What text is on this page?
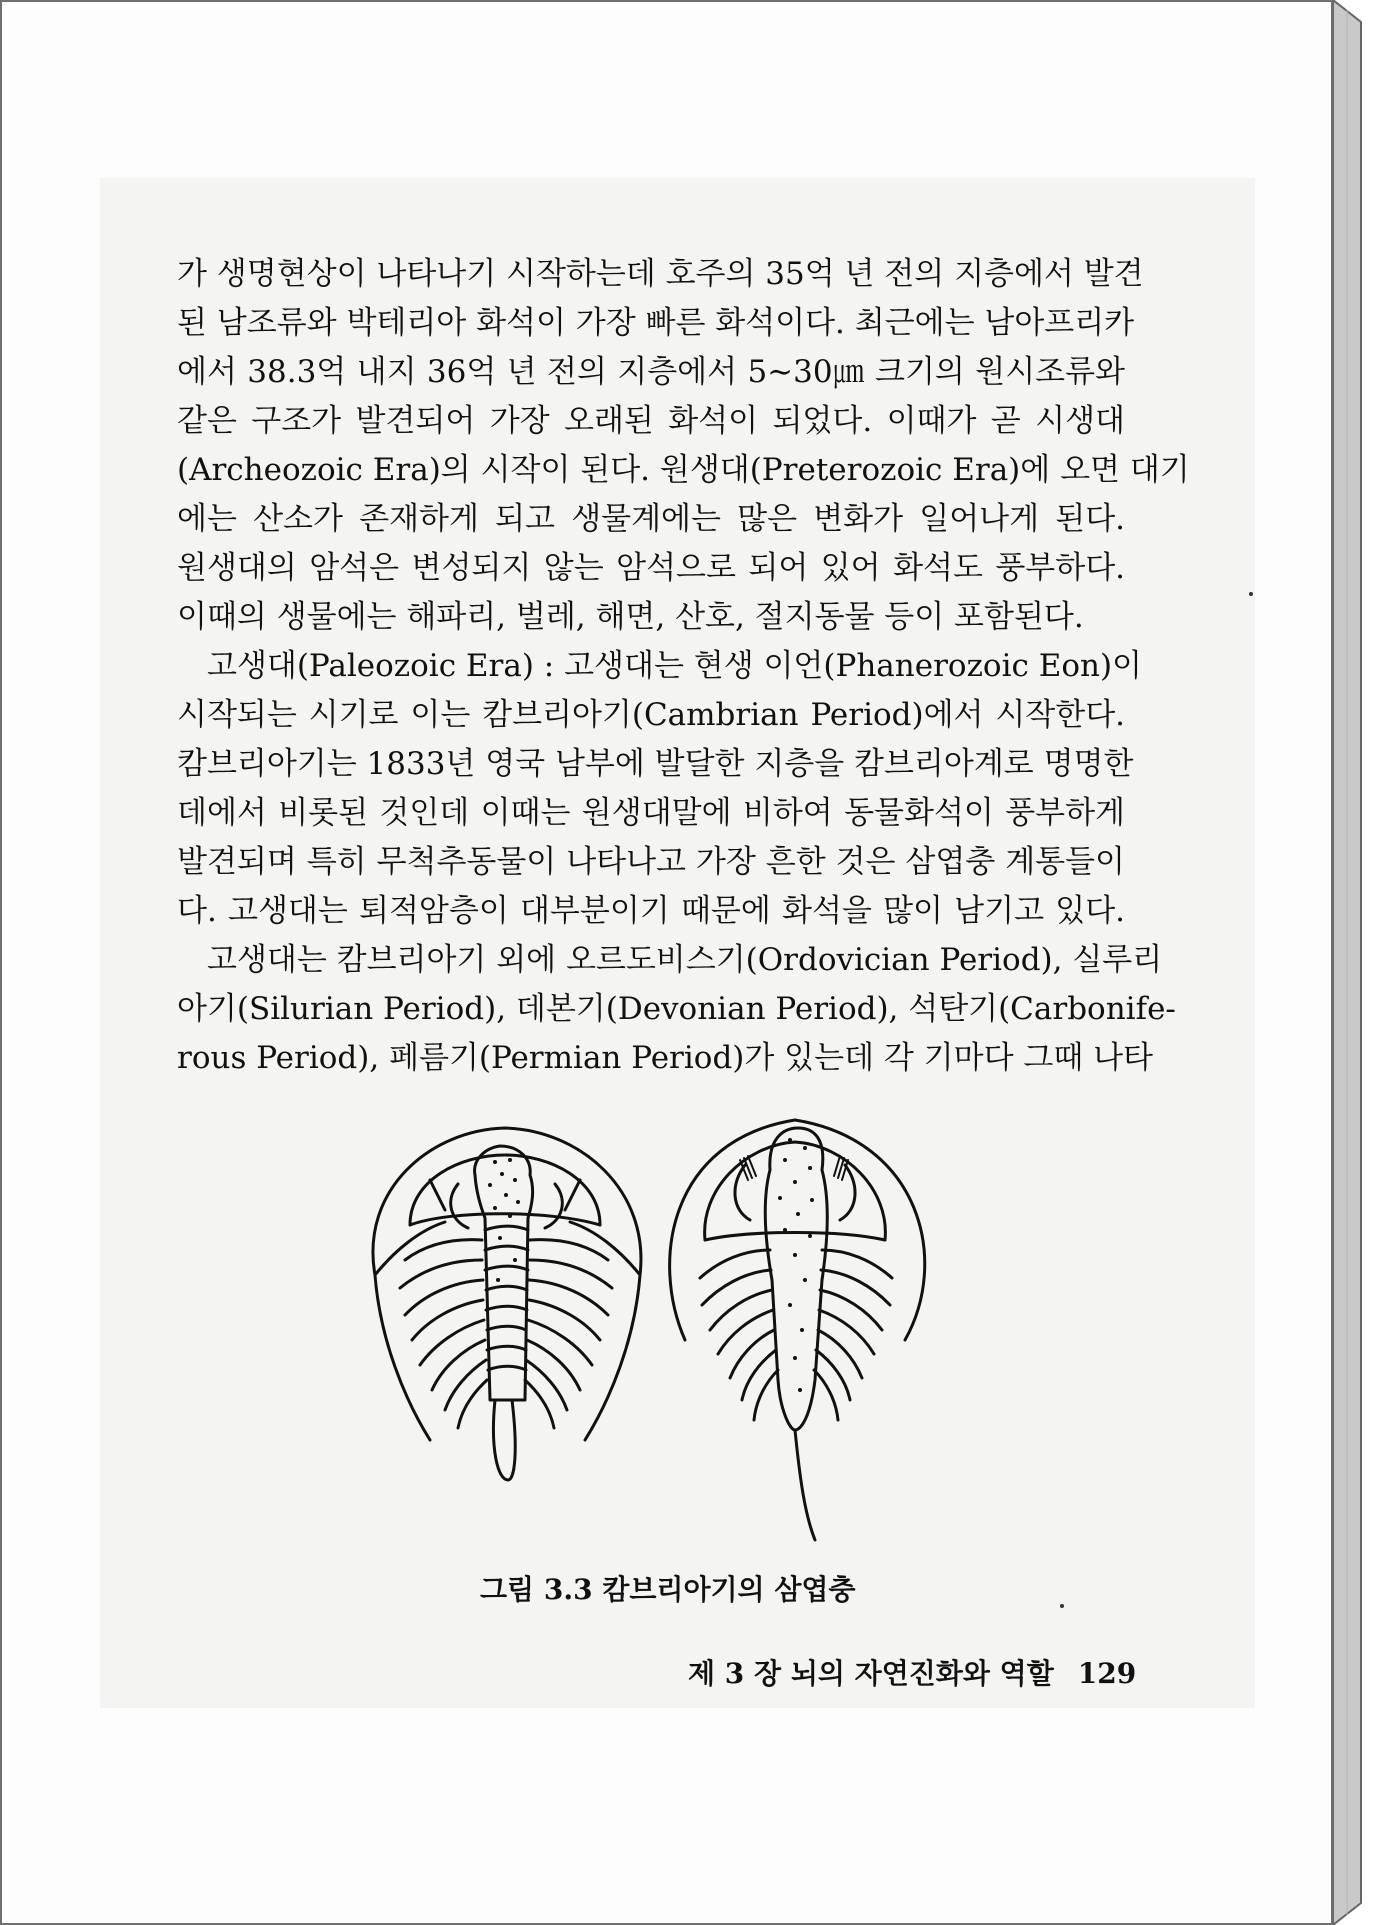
가 생명현상이 나타나기 시작하는데 호주의 35억 년 전의 지층에서 발견
된 남조류와 박테리아 화석이 가장 빠른 화석이다. 최근에는 남아프리카
에서 38.3억 내지 36억 년 전의 지층에서 5∼30㎛ 크기의 원시조류와
같은 구조가 발견되어 가장 오래된 화석이 되었다. 이때가 곧 시생대
(Archeozoic Era)의 시작이 된다. 원생대(Preterozoic Era)에 오면 대기
에는 산소가 존재하게 되고 생물계에는 많은 변화가 일어나게 된다.
원생대의 암석은 변성되지 않는 암석으로 되어 있어 화석도 풍부하다.
이때의 생물에는 해파리, 벌레, 해면, 산호, 절지동물 등이 포함된다.
고생대(Paleozoic Era) : 고생대는 현생 이언(Phanerozoic Eon)이
시작되는 시기로 이는 캄브리아기(Cambrian Period)에서 시작한다.
캄브리아기는 1833년 영국 남부에 발달한 지층을 캄브리아계로 명명한
데에서 비롯된 것인데 이때는 원생대말에 비하여 동물화석이 풍부하게
발견되며 특히 무척추동물이 나타나고 가장 흔한 것은 삼엽충 계통들이
다. 고생대는 퇴적암층이 대부분이기 때문에 화석을 많이 남기고 있다.
고생대는 캄브리아기 외에 오르도비스기(Ordovician Period), 실루리
아기(Silurian Period), 데본기(Devonian Period), 석탄기(Carbonife-
rous Period), 페름기(Permian Period)가 있는데 각 기마다 그때 나타
그림 3.3 캄브리아기의 삼엽충
제 3 장 뇌의 자연진화와 역할 129
